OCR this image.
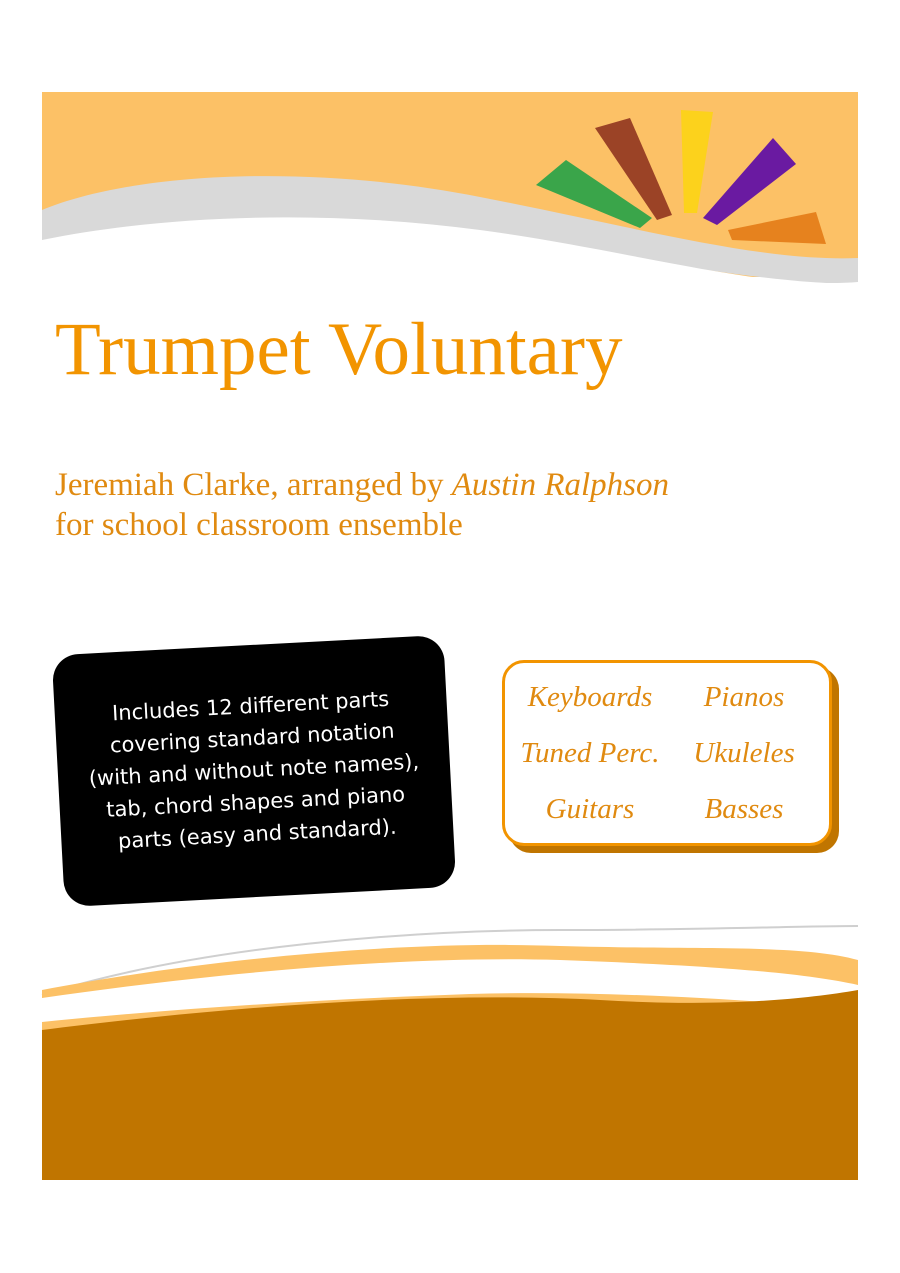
Trumpet Voluntary

Jeremiah Clarke, arranged by Austin Ralphson
for school classroom ensemble

Includes 12 different parts
covering standard notation
(with and without note names),
tab, chord shapes and piano
parts (easy and standard).

Keyboards Pianos
Tuned Perc. Ukuleles
Guitars Basses
